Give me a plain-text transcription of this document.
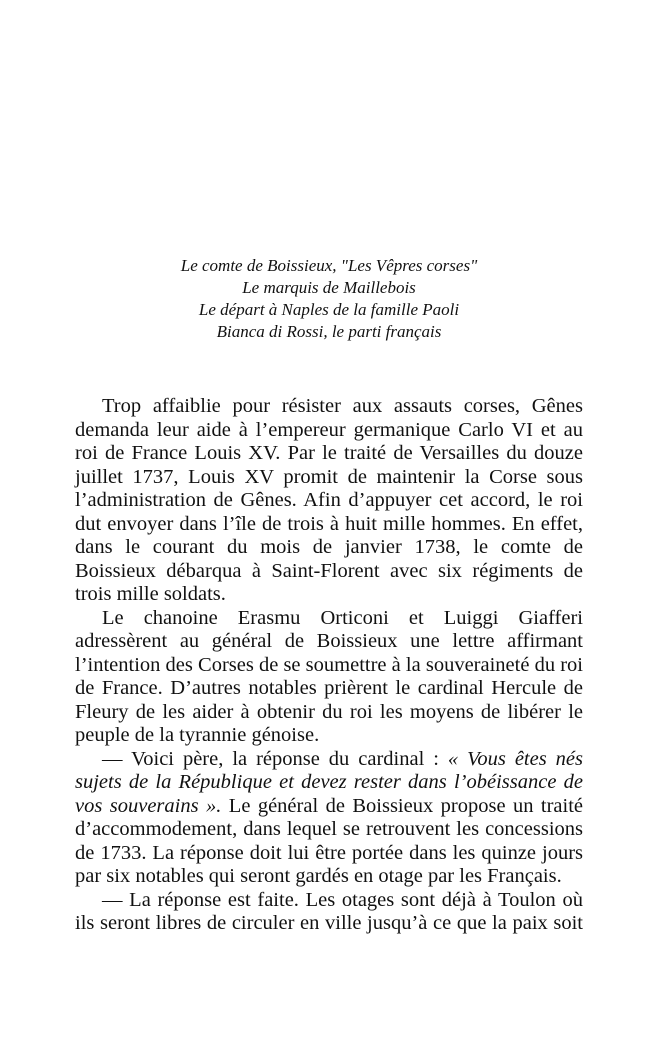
Le comte de Boissieux, "Les Vêpres corses"
Le marquis de Maillebois
Le départ à Naples de la famille Paoli
Bianca di Rossi, le parti français

Trop affaiblie pour résister aux assauts corses, Gênes demanda leur aide à l’empereur germanique Carlo VI et au roi de France Louis XV. Par le traité de Versailles du douze juillet 1737, Louis XV promit de maintenir la Corse sous l’administration de Gênes. Afin d’appuyer cet accord, le roi dut envoyer dans l’île de trois à huit mille hommes. En effet, dans le courant du mois de janvier 1738, le comte de Boissieux débarqua à Saint-Florent avec six régiments de trois mille soldats.

Le chanoine Erasmu Orticoni et Luiggi Giafferi adressèrent au général de Boissieux une lettre affirmant l’intention des Corses de se soumettre à la souveraineté du roi de France. D’autres notables prièrent le cardinal Hercule de Fleury de les aider à obtenir du roi les moyens de libérer le peuple de la tyrannie génoise.

— Voici père, la réponse du cardinal : « Vous êtes nés sujets de la République et devez rester dans l’obéissance de vos souverains ». Le général de Boissieux propose un traité d’accommodement, dans lequel se retrouvent les concessions de 1733. La réponse doit lui être portée dans les quinze jours par six notables qui seront gardés en otage par les Français.

— La réponse est faite. Les otages sont déjà à Toulon où ils seront libres de circuler en ville jusqu’à ce que la paix soit
